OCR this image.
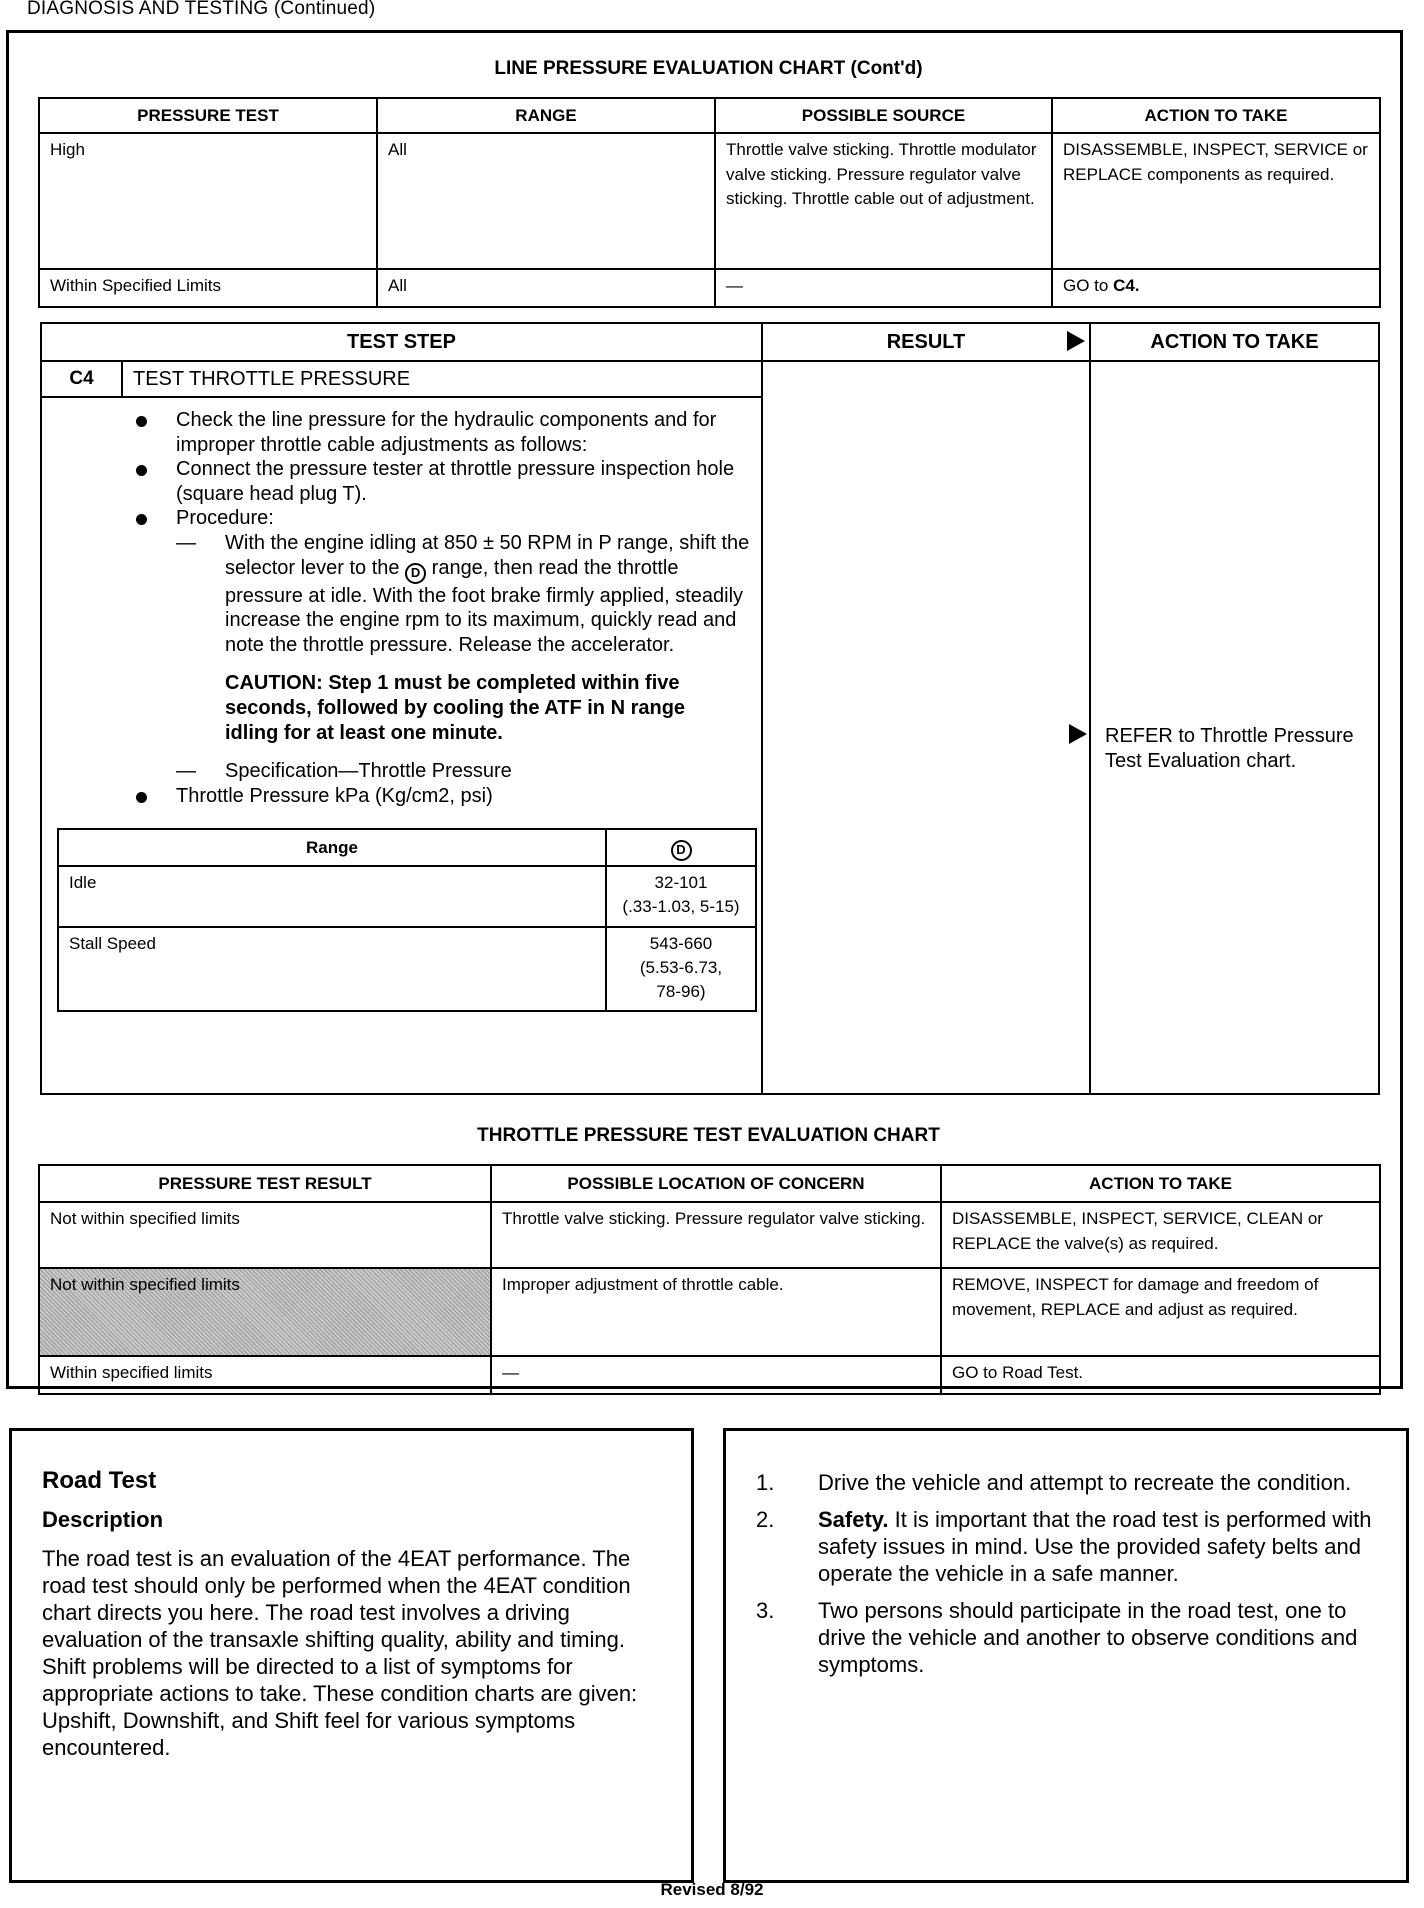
DIAGNOSIS AND TESTING (Continued)
LINE PRESSURE EVALUATION CHART (Cont'd)
PRESSURE TEST	RANGE	POSSIBLE SOURCE	ACTION TO TAKE
High	All	Throttle valve sticking. Throttle modulator valve sticking. Pressure regulator valve sticking. Throttle cable out of adjustment.	DISASSEMBLE, INSPECT, SERVICE or REPLACE components as required.
Within Specified Limits	All	—	GO to C4.
TEST STEP	RESULT	ACTION TO TAKE
C4	TEST THROTTLE PRESSURE		
REFER to Throttle Pressure Test Evaluation chart.

Check the line pressure for the hydraulic components and for improper throttle cable adjustments as follows:
Connect the pressure tester at throttle pressure inspection hole (square head plug T).
Procedure:
— With the engine idling at 850 ± 50 RPM in P range, shift the selector lever to the D range, then read the throttle pressure at idle. With the foot brake firmly applied, steadily increase the engine rpm to its maximum, quickly read and note the throttle pressure. Release the accelerator.
CAUTION: Step 1 must be completed within five seconds, followed by cooling the ATF in N range idling for at least one minute.
— Specification—Throttle Pressure
Throttle Pressure kPa (Kg/cm2, psi)
Range	D
Idle	32-101
(.33-1.03, 5-15)

Stall Speed	543-660
(5.53-6.73,
78-96)
THROTTLE PRESSURE TEST EVALUATION CHART
PRESSURE TEST RESULT	POSSIBLE LOCATION OF CONCERN	ACTION TO TAKE
Not within specified limits	Throttle valve sticking. Pressure regulator valve sticking.	DISASSEMBLE, INSPECT, SERVICE, CLEAN or REPLACE the valve(s) as required.
Not within specified limits	Improper adjustment of throttle cable.	REMOVE, INSPECT for damage and freedom of movement, REPLACE and adjust as required.
Within specified limits	—	GO to Road Test.
Road Test
Description

The road test is an evaluation of the 4EAT performance. The road test should only be performed when the 4EAT condition chart directs you here. The road test involves a driving evaluation of the transaxle shifting quality, ability and timing. Shift problems will be directed to a list of symptoms for appropriate actions to take. These condition charts are given: Upshift, Downshift, and Shift feel for various symptoms encountered.

1. Drive the vehicle and attempt to recreate the condition.
2. Safety. It is important that the road test is performed with safety issues in mind. Use the provided safety belts and operate the vehicle in a safe manner.
3. Two persons should participate in the road test, one to drive the vehicle and another to observe conditions and symptoms.
Revised 8/92
